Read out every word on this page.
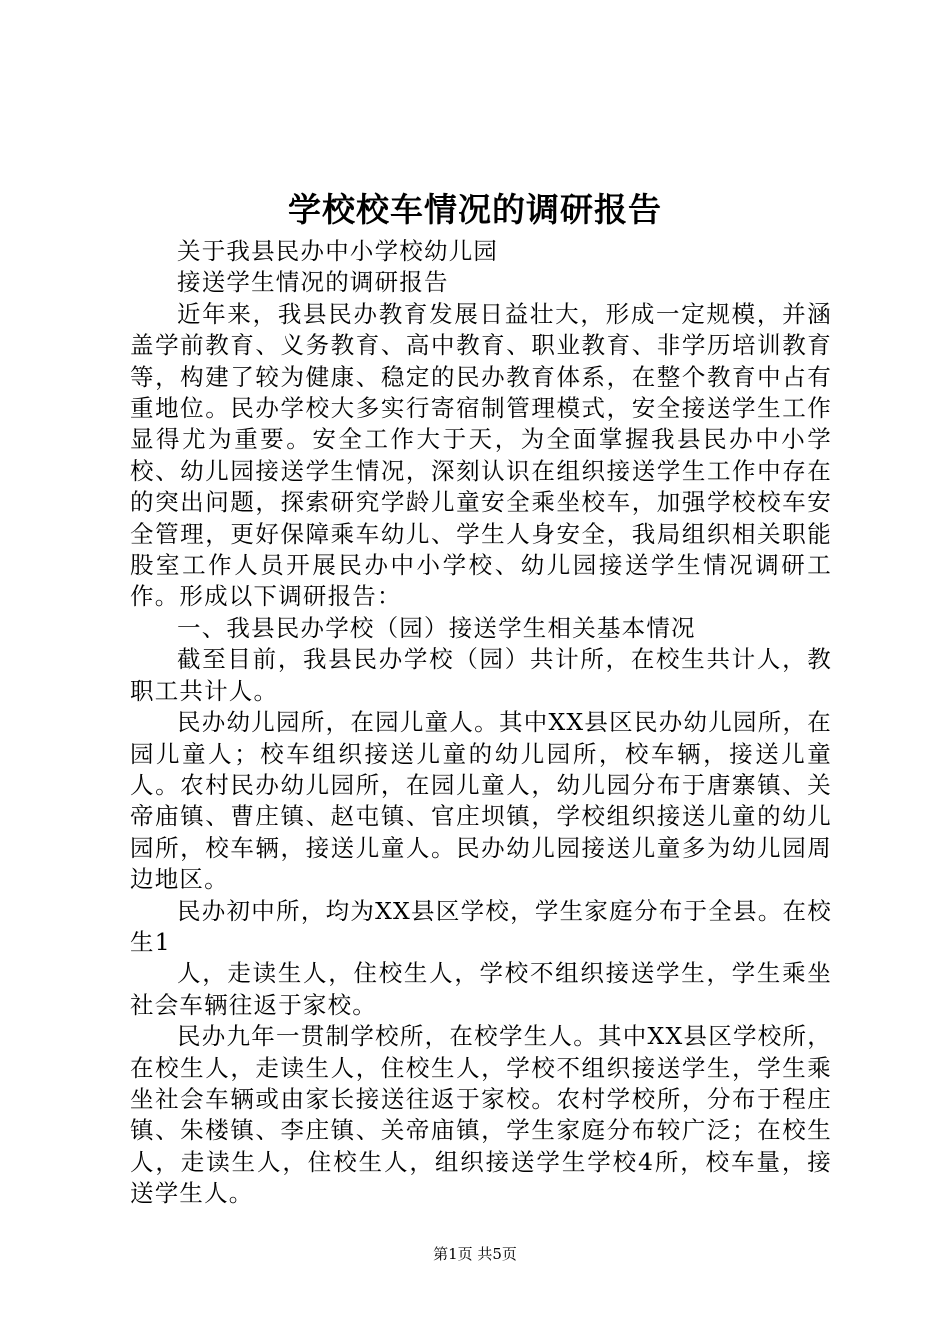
学校校车情况的调研报告

关于我县民办中小学校幼儿园

接送学生情况的调研报告

近年来，我县民办教育发展日益壮大，形成一定规模，并涵盖学前教育、义务教育、高中教育、职业教育、非学历培训教育等，构建了较为健康、稳定的民办教育体系，在整个教育中占有重地位。民办学校大多实行寄宿制管理模式，安全接送学生工作显得尤为重要。安全工作大于天，为全面掌握我县民办中小学校、幼儿园接送学生情况，深刻认识在组织接送学生工作中存在的突出问题，探索研究学龄儿童安全乘坐校车，加强学校校车安全管理，更好保障乘车幼儿、学生人身安全，我局组织相关职能股室工作人员开展民办中小学校、幼儿园接送学生情况调研工作。形成以下调研报告：

一、我县民办学校（园）接送学生相关基本情况

截至目前，我县民办学校（园）共计所，在校生共计人，教职工共计人。

民办幼儿园所，在园儿童人。其中XX县区民办幼儿园所，在园儿童人；校车组织接送儿童的幼儿园所，校车辆，接送儿童人。农村民办幼儿园所，在园儿童人，幼儿园分布于唐寨镇、关帝庙镇、曹庄镇、赵屯镇、官庄坝镇，学校组织接送儿童的幼儿园所，校车辆，接送儿童人。民办幼儿园接送儿童多为幼儿园周边地区。

民办初中所，均为XX县区学校，学生家庭分布于全县。在校生1

人，走读生人，住校生人，学校不组织接送学生，学生乘坐社会车辆往返于家校。

民办九年一贯制学校所，在校学生人。其中XX县区学校所，在校生人，走读生人，住校生人，学校不组织接送学生，学生乘坐社会车辆或由家长接送往返于家校。农村学校所，分布于程庄镇、朱楼镇、李庄镇、关帝庙镇，学生家庭分布较广泛；在校生人，走读生人，住校生人，组织接送学生学校4所，校车量，接送学生人。

第1页 共5页
